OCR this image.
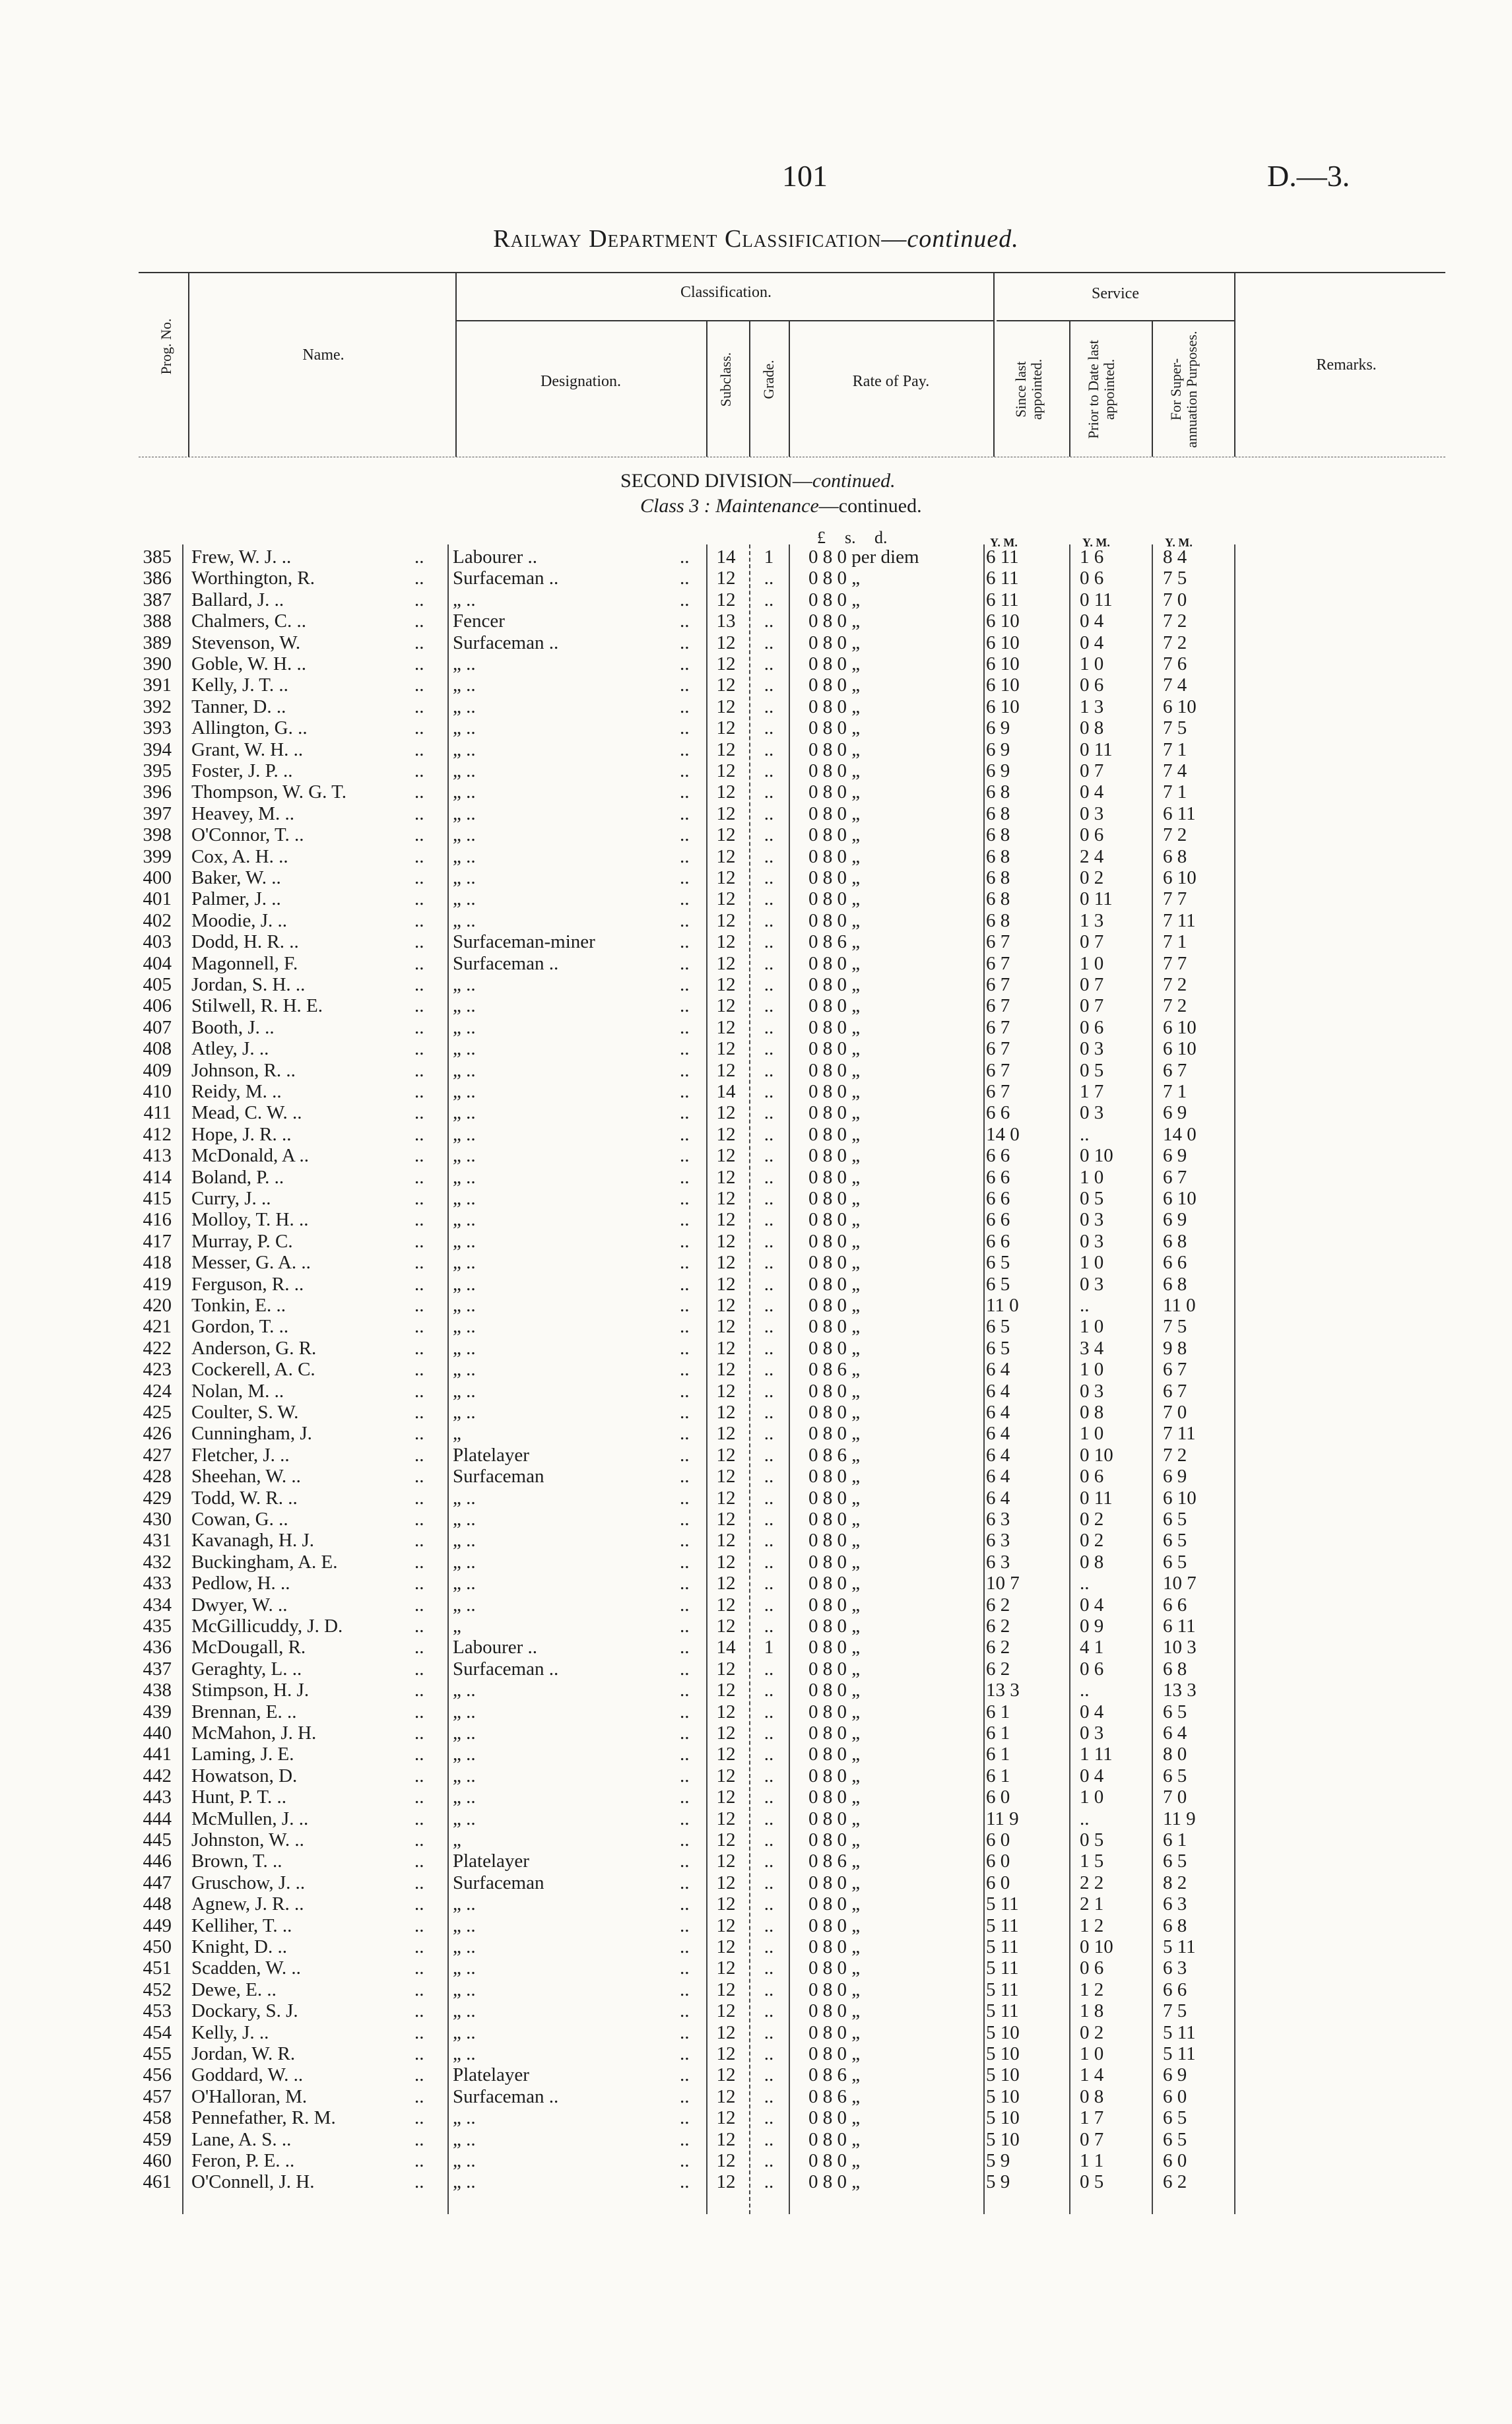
101	D.—3.
Railway Department Classification—continued.
Prog. No.	Name.
Classification.
Designation.	Subclass. Grade.	Rate of Pay.
Service
Since last appointed.	Prior to Date last appointed.	For Super-annuation Purposes.	Remarks.
SECOND DIVISION—continued.
Class 3 : Maintenance—continued.
£ s. d.	Y. M.	Y. M.	Y. M.
385 Frew, W. J. ..	.. Labourer ..	..	14	1	0 8 0 per diem	6 11	1 6	8 4
386 Worthington, R.	.. Surfaceman ..	..	12	..	0 8 0 „	6 11	0 6	7 5
387 Ballard, J. ..	.. „ ..	..	12	..	0 8 0 „	6 11	0 11	7 0
388 Chalmers, C. ..	.. Fencer	..	13	..	0 8 0 „	6 10	0 4	7 2
389 Stevenson, W.	.. Surfaceman ..	..	12	..	0 8 0 „	6 10	0 4	7 2
390 Goble, W. H. ..	.. „ ..	..	12	..	0 8 0 „	6 10	1 0	7 6
391 Kelly, J. T. ..	.. „ ..	..	12	..	0 8 0 „	6 10	0 6	7 4
392 Tanner, D. ..	.. „ ..	..	12	..	0 8 0 „	6 10	1 3	6 10
393 Allington, G. ..	.. „ ..	..	12	..	0 8 0 „	6 9	0 8	7 5
394 Grant, W. H. ..	.. „ ..	..	12	..	0 8 0 „	6 9	0 11	7 1
395 Foster, J. P. ..	.. „ ..	..	12	..	0 8 0 „	6 9	0 7	7 4
396 Thompson, W. G. T.	.. „ ..	..	12	..	0 8 0 „	6 8	0 4	7 1
397 Heavey, M. ..	.. „ ..	..	12	..	0 8 0 „	6 8	0 3	6 11
398 O'Connor, T. ..	.. „ ..	..	12	..	0 8 0 „	6 8	0 6	7 2
399 Cox, A. H. ..	.. „ ..	..	12	..	0 8 0 „	6 8	2 4	6 8
400 Baker, W. ..	.. „ ..	..	12	..	0 8 0 „	6 8	0 2	6 10
401 Palmer, J. ..	.. „ ..	..	12	..	0 8 0 „	6 8	0 11	7 7
402 Moodie, J. ..	.. „ ..	..	12	..	0 8 0 „	6 8	1 3	7 11
403 Dodd, H. R. ..	.. Surfaceman-miner	..	12	..	0 8 6 „	6 7	0 7	7 1
404 Magonnell, F.	.. Surfaceman ..	..	12	..	0 8 0 „	6 7	1 0	7 7
405 Jordan, S. H. ..	.. „ ..	..	12	..	0 8 0 „	6 7	0 7	7 2
406 Stilwell, R. H. E.	.. „ ..	..	12	..	0 8 0 „	6 7	0 7	7 2
407 Booth, J. ..	.. „ ..	..	12	..	0 8 0 „	6 7	0 6	6 10
408 Atley, J. ..	.. „ ..	..	12	..	0 8 0 „	6 7	0 3	6 10
409 Johnson, R. ..	.. „ ..	..	12	..	0 8 0 „	6 7	0 5	6 7
410 Reidy, M. ..	.. „ ..	..	14	..	0 8 0 „	6 7	1 7	7 1
411 Mead, C. W. ..	.. „ ..	..	12	..	0 8 0 „	6 6	0 3	6 9
412 Hope, J. R. ..	.. „ ..	..	12	..	0 8 0 „	14 0	..	14 0
413 McDonald, A ..	.. „ ..	..	12	..	0 8 0 „	6 6	0 10	6 9
414 Boland, P. ..	.. „ ..	..	12	..	0 8 0 „	6 6	1 0	6 7
415 Curry, J. ..	.. „ ..	..	12	..	0 8 0 „	6 6	0 5	6 10
416 Molloy, T. H. ..	.. „ ..	..	12	..	0 8 0 „	6 6	0 3	6 9
417 Murray, P. C.	.. „ ..	..	12	..	0 8 0 „	6 6	0 3	6 8
418 Messer, G. A. ..	.. „ ..	..	12	..	0 8 0 „	6 5	1 0	6 6
419 Ferguson, R. ..	.. „ ..	..	12	..	0 8 0 „	6 5	0 3	6 8
420 Tonkin, E. ..	.. „ ..	..	12	..	0 8 0 „	11 0	..	11 0
421 Gordon, T. ..	.. „ ..	..	12	..	0 8 0 „	6 5	1 0	7 5
422 Anderson, G. R.	.. „ ..	..	12	..	0 8 0 „	6 5	3 4	9 8
423 Cockerell, A. C.	.. „ ..	..	12	..	0 8 6 „	6 4	1 0	6 7
424 Nolan, M. ..	.. „ ..	..	12	..	0 8 0 „	6 4	0 3	6 7
425 Coulter, S. W.	.. „ ..	..	12	..	0 8 0 „	6 4	0 8	7 0
426 Cunningham, J.	.. „	..	12	..	0 8 0 „	6 4	1 0	7 11
427 Fletcher, J. ..	.. Platelayer	..	12	..	0 8 6 „	6 4	0 10	7 2
428 Sheehan, W. ..	.. Surfaceman	..	12	..	0 8 0 „	6 4	0 6	6 9
429 Todd, W. R. ..	.. „ ..	..	12	..	0 8 0 „	6 4	0 11	6 10
430 Cowan, G. ..	.. „ ..	..	12	..	0 8 0 „	6 3	0 2	6 5
431 Kavanagh, H. J.	.. „ ..	..	12	..	0 8 0 „	6 3	0 2	6 5
432 Buckingham, A. E.	.. „ ..	..	12	..	0 8 0 „	6 3	0 8	6 5
433 Pedlow, H. ..	.. „ ..	..	12	..	0 8 0 „	10 7	..	10 7
434 Dwyer, W. ..	.. „ ..	..	12	..	0 8 0 „	6 2	0 4	6 6
435 McGillicuddy, J. D.	.. „	..	12	..	0 8 0 „	6 2	0 9	6 11
436 McDougall, R.	.. Labourer ..	..	14	1	0 8 0 „	6 2	4 1	10 3
437 Geraghty, L. ..	.. Surfaceman ..	..	12	..	0 8 0 „	6 2	0 6	6 8
438 Stimpson, H. J.	.. „ ..	..	12	..	0 8 0 „	13 3	..	13 3
439 Brennan, E. ..	.. „ ..	..	12	..	0 8 0 „	6 1	0 4	6 5
440 McMahon, J. H.	.. „ ..	..	12	..	0 8 0 „	6 1	0 3	6 4
441 Laming, J. E.	.. „ ..	..	12	..	0 8 0 „	6 1	1 11	8 0
442 Howatson, D.	.. „ ..	..	12	..	0 8 0 „	6 1	0 4	6 5
443 Hunt, P. T. ..	.. „ ..	..	12	..	0 8 0 „	6 0	1 0	7 0
444 McMullen, J. ..	.. „ ..	..	12	..	0 8 0 „	11 9	..	11 9
445 Johnston, W. ..	.. „	..	12	..	0 8 0 „	6 0	0 5	6 1
446 Brown, T. ..	.. Platelayer	..	12	..	0 8 6 „	6 0	1 5	6 5
447 Gruschow, J. ..	.. Surfaceman	..	12	..	0 8 0 „	6 0	2 2	8 2
448 Agnew, J. R. ..	.. „ ..	..	12	..	0 8 0 „	5 11	2 1	6 3
449 Kelliher, T. ..	.. „ ..	..	12	..	0 8 0 „	5 11	1 2	6 8
450 Knight, D. ..	.. „ ..	..	12	..	0 8 0 „	5 11	0 10	5 11
451 Scadden, W. ..	.. „ ..	..	12	..	0 8 0 „	5 11	0 6	6 3
452 Dewe, E. ..	.. „ ..	..	12	..	0 8 0 „	5 11	1 2	6 6
453 Dockary, S. J.	.. „ ..	..	12	..	0 8 0 „	5 11	1 8	7 5
454 Kelly, J. ..	.. „ ..	..	12	..	0 8 0 „	5 10	0 2	5 11
455 Jordan, W. R.	.. „ ..	..	12	..	0 8 0 „	5 10	1 0	5 11
456 Goddard, W. ..	.. Platelayer	..	12	..	0 8 6 „	5 10	1 4	6 9
457 O'Halloran, M.	.. Surfaceman ..	..	12	..	0 8 6 „	5 10	0 8	6 0
458 Pennefather, R. M.	.. „ ..	..	12	..	0 8 0 „	5 10	1 7	6 5
459 Lane, A. S. ..	.. „ ..	..	12	..	0 8 0 „	5 10	0 7	6 5
460 Feron, P. E. ..	.. „ ..	..	12	..	0 8 0 „	5 9	1 1	6 0
461 O'Connell, J. H.	.. „ ..	..	12	..	0 8 0 „	5 9	0 5	6 2
